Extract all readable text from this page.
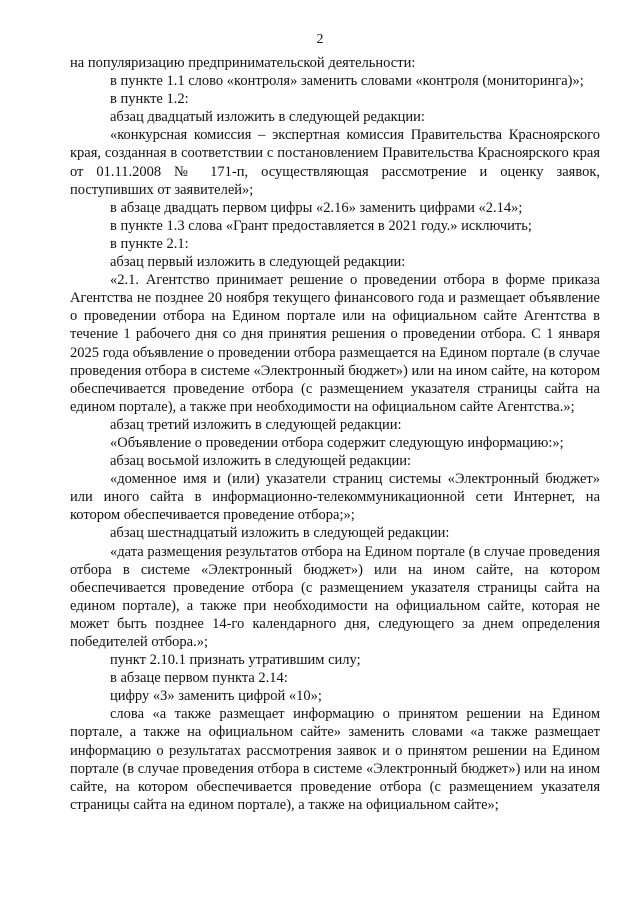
2

на популяризацию предпринимательской деятельности:

в пункте 1.1 слово «контроля» заменить словами «контроля (мониторинга)»;

в пункте 1.2:

абзац двадцатый изложить в следующей редакции:

«конкурсная комиссия – экспертная комиссия Правительства Красноярского края, созданная в соответствии с постановлением Правительства Красноярского края от 01.11.2008 № 171-п, осуществляющая рассмотрение и оценку заявок, поступивших от заявителей»;

в абзаце двадцать первом цифры «2.16» заменить цифрами «2.14»;

в пункте 1.3 слова «Грант предоставляется в 2021 году.» исключить;

в пункте 2.1:

абзац первый изложить в следующей редакции:

«2.1. Агентство принимает решение о проведении отбора в форме приказа Агентства не позднее 20 ноября текущего финансового года и размещает объявление о проведении отбора на Едином портале или на официальном сайте Агентства в течение 1 рабочего дня со дня принятия решения о проведении отбора. С 1 января 2025 года объявление о проведении отбора размещается на Едином портале (в случае проведения отбора в системе «Электронный бюджет») или на ином сайте, на котором обеспечивается проведение отбора (с размещением указателя страницы сайта на едином портале), а также при необходимости на официальном сайте Агентства.»;

абзац третий изложить в следующей редакции:

«Объявление о проведении отбора содержит следующую информацию:»;

абзац восьмой изложить в следующей редакции:

«доменное имя и (или) указатели страниц системы «Электронный бюджет» или иного сайта в информационно-телекоммуникационной сети Интернет, на котором обеспечивается проведение отбора;»;

абзац шестнадцатый изложить в следующей редакции:

«дата размещения результатов отбора на Едином портале (в случае проведения отбора в системе «Электронный бюджет») или на ином сайте, на котором обеспечивается проведение отбора (с размещением указателя страницы сайта на едином портале), а также при необходимости на официальном сайте, которая не может быть позднее 14-го календарного дня, следующего за днем определения победителей отбора.»;

пункт 2.10.1 признать утратившим силу;

в абзаце первом пункта 2.14:

цифру «3» заменить цифрой «10»;

слова «а также размещает информацию о принятом решении на Едином портале, а также на официальном сайте» заменить словами «а также размещает информацию о результатах рассмотрения заявок и о принятом решении на Едином портале (в случае проведения отбора в системе «Электронный бюджет») или на ином сайте, на котором обеспечивается проведение отбора (с размещением указателя страницы сайта на едином портале), а также на официальном сайте»;
